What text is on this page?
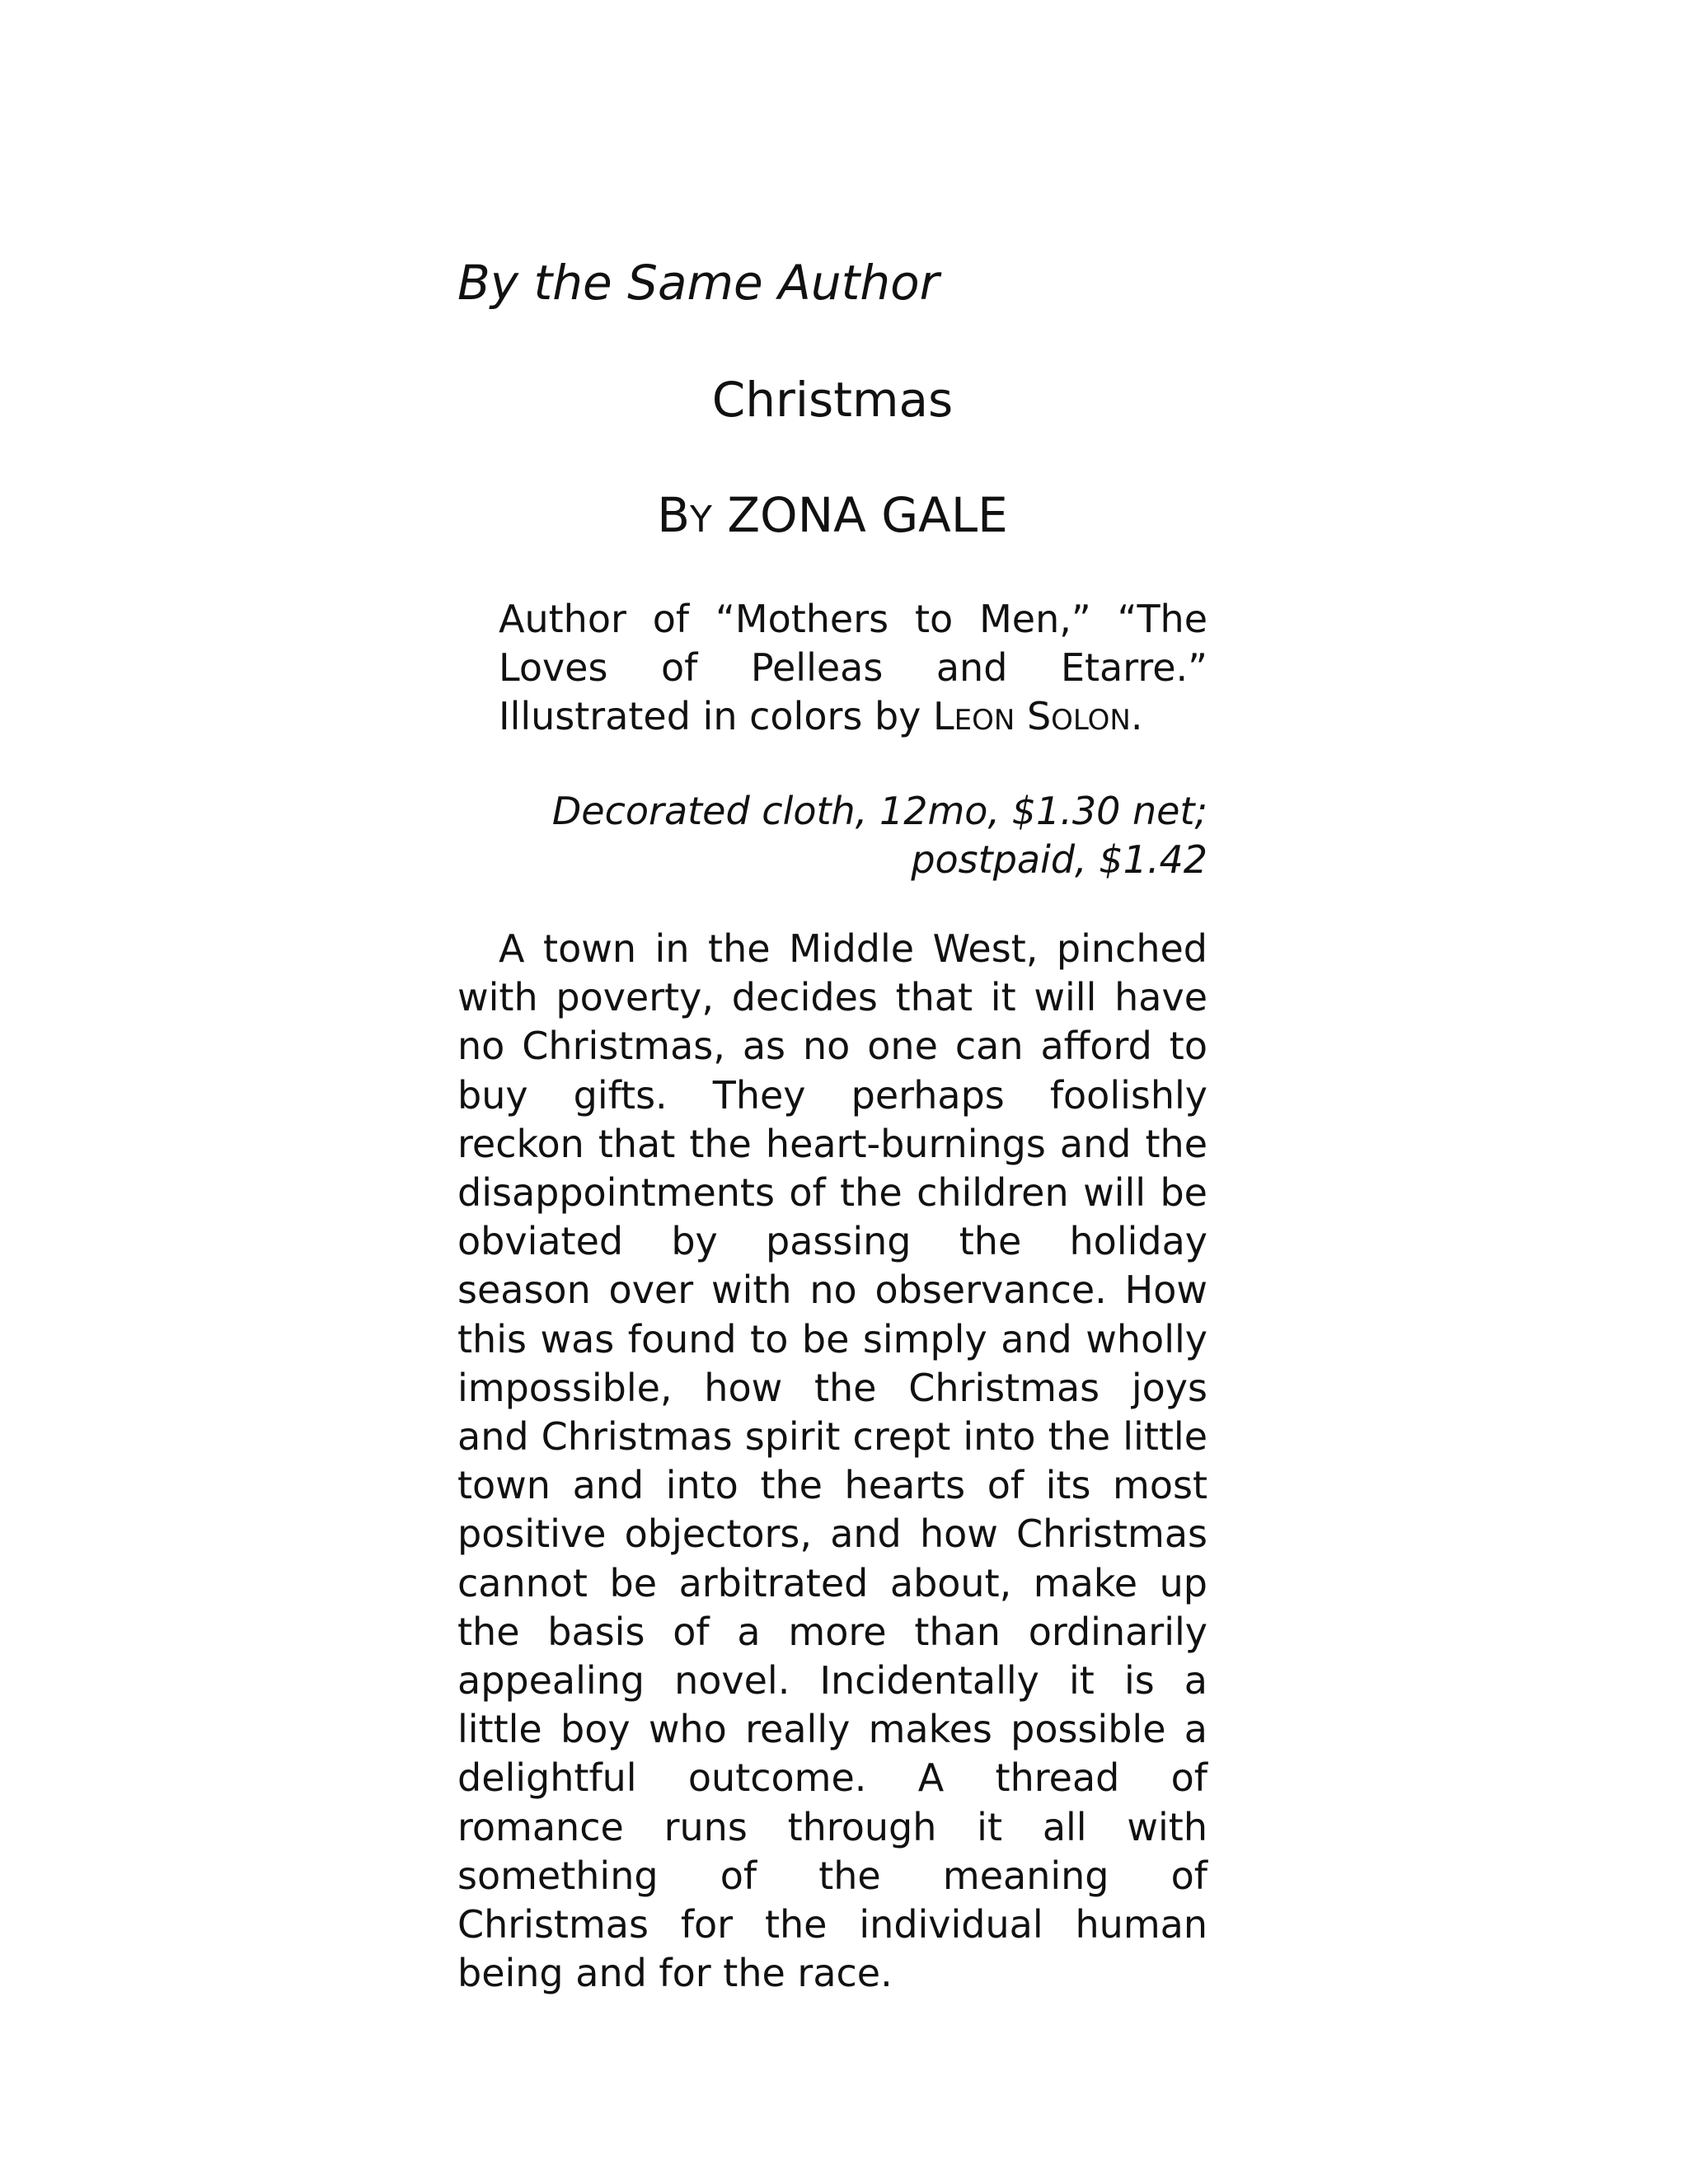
By the Same Author
Christmas
BY ZONA GALE
Author of “Mothers to Men,” “The Loves of Pelleas and Etarre.” Illustrated in colors by LEON SOLON.
Decorated cloth, 12mo, $1.30 net;
postpaid, $1.42
A town in the Middle West, pinched with poverty, decides that it will have no Christmas, as no one can afford to buy gifts. They perhaps foolishly reckon that the heart-burnings and the disappointments of the children will be obviated by passing the holiday season over with no observance. How this was found to be simply and wholly impossible, how the Christmas joys and Christmas spirit crept into the little town and into the hearts of its most positive objectors, and how Christmas cannot be arbitrated about, make up the basis of a more than ordinarily appealing novel. Incidentally it is a little boy who really makes possible a delightful outcome. A thread of romance runs through it all with something of the meaning of Christmas for the individual human being and for the race.
